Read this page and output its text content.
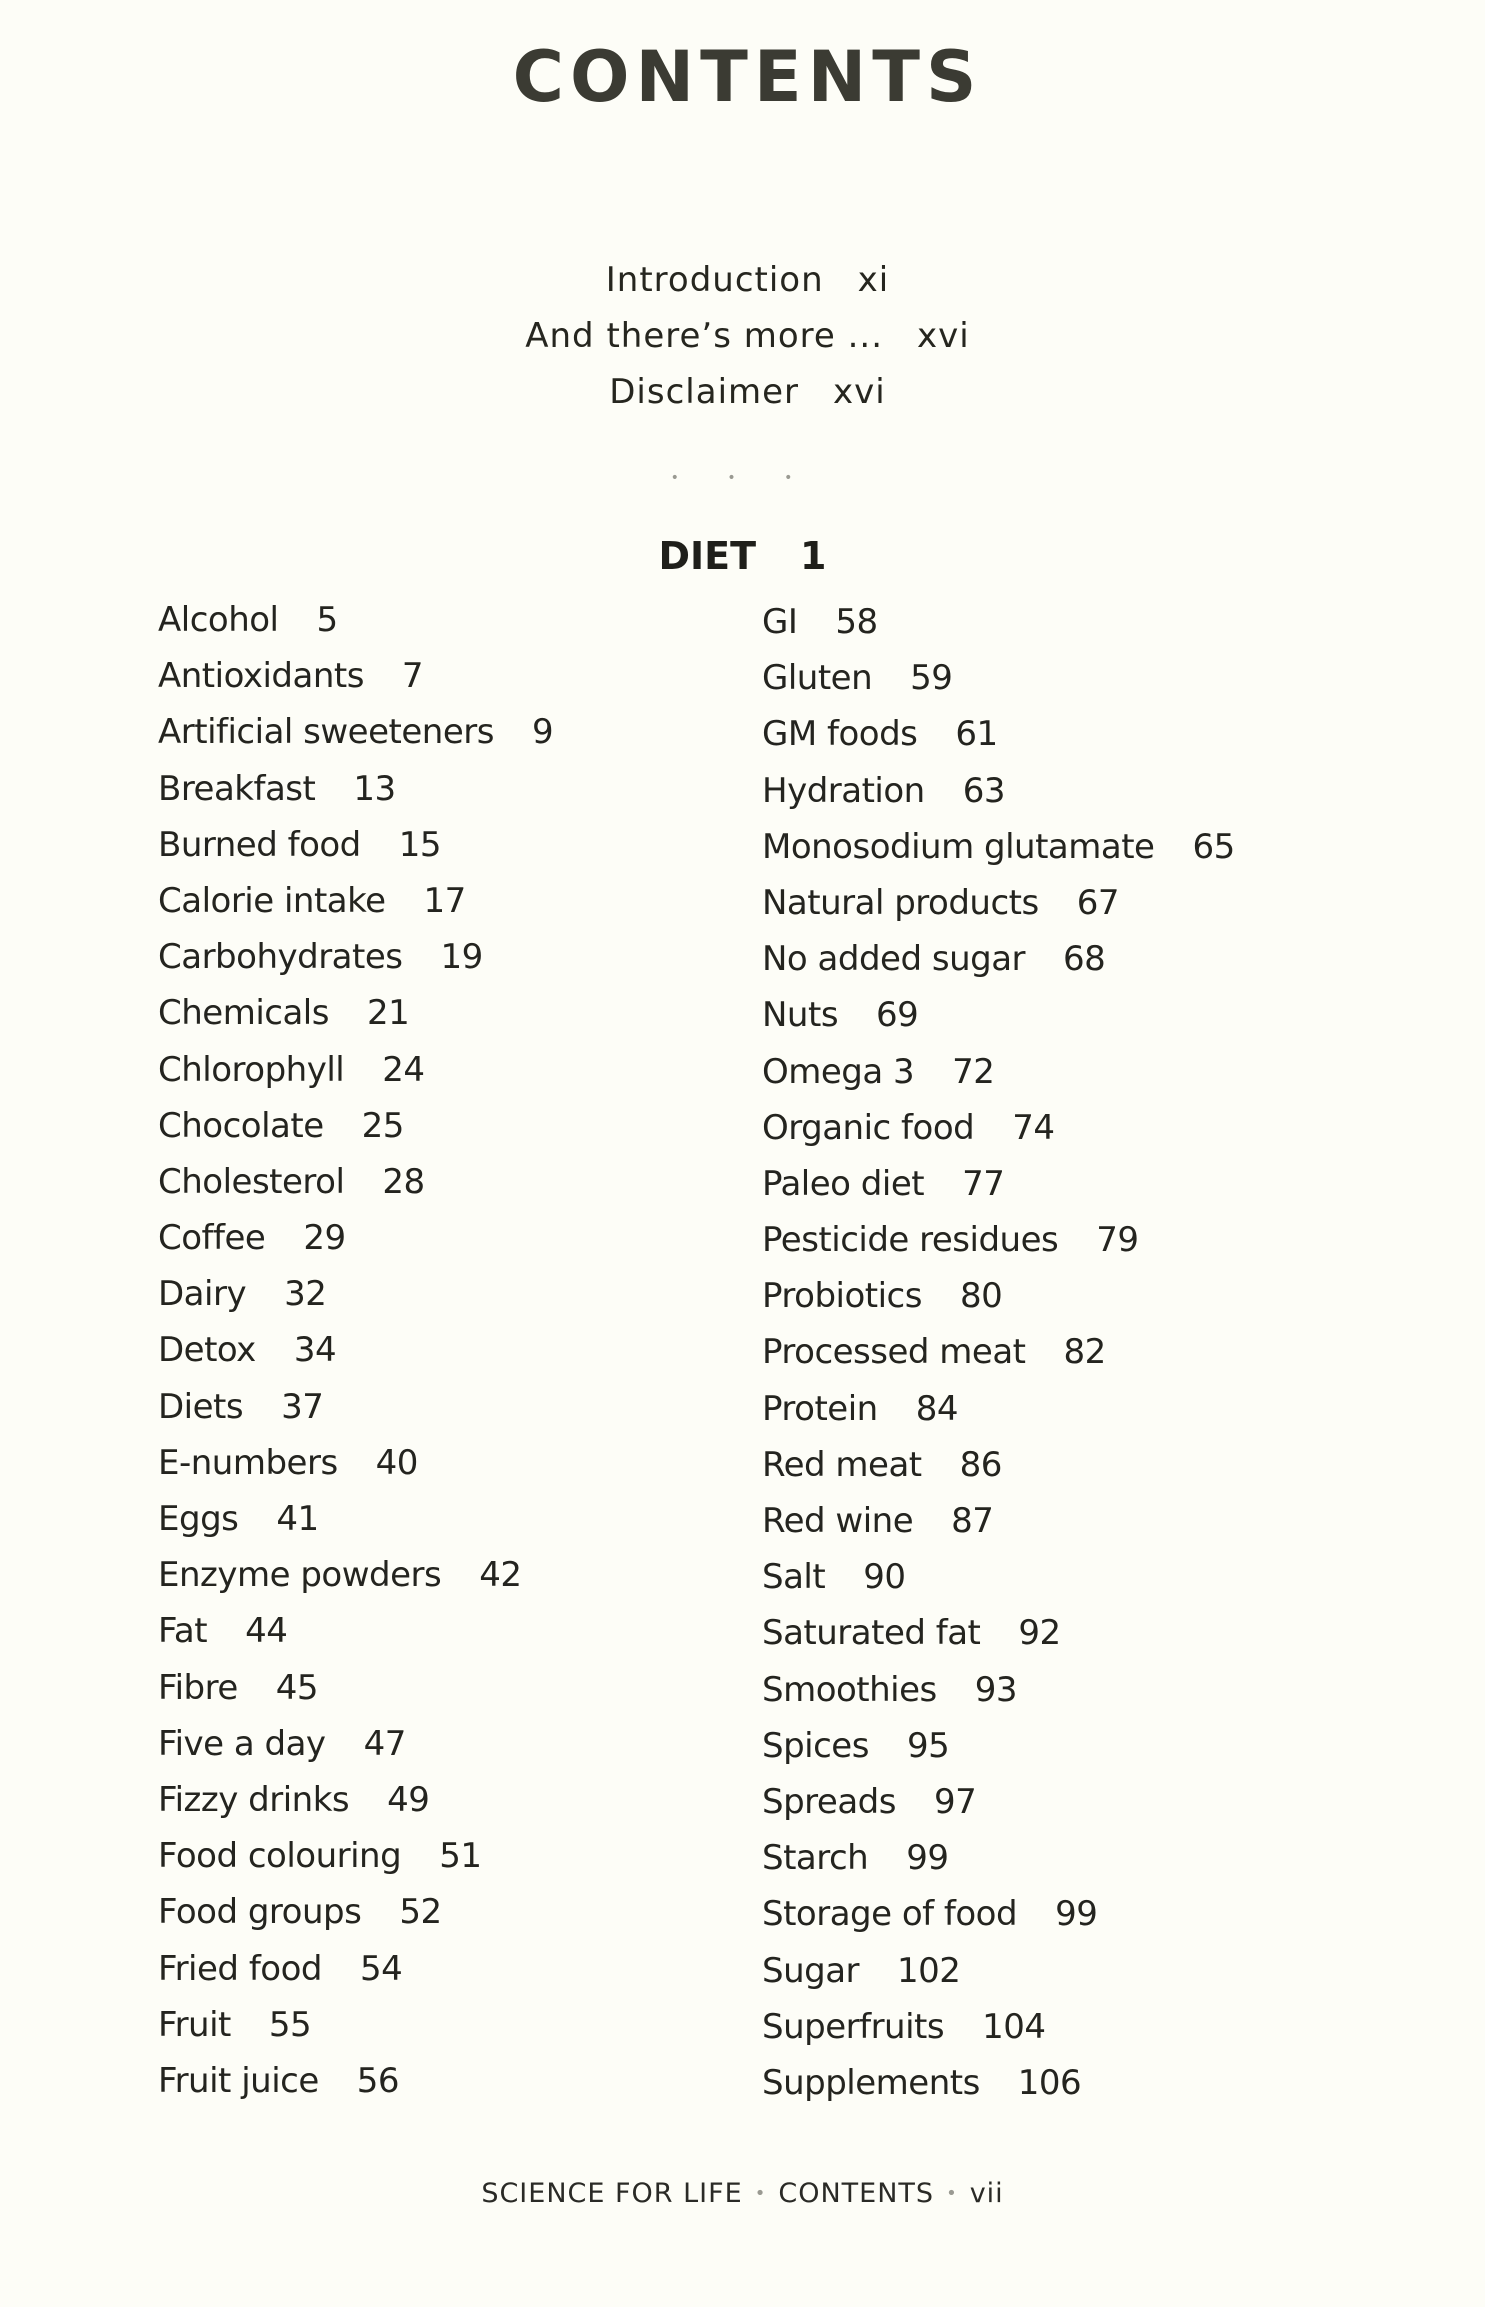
CONTENTS
Introduction xi
And there’s more ... xvi
Disclaimer xvi
• • •
DIET 1
Alcohol 5
Antioxidants 7
Artificial sweeteners 9
Breakfast 13
Burned food 15
Calorie intake 17
Carbohydrates 19
Chemicals 21
Chlorophyll 24
Chocolate 25
Cholesterol 28
Coffee 29
Dairy 32
Detox 34
Diets 37
E-numbers 40
Eggs 41
Enzyme powders 42
Fat 44
Fibre 45
Five a day 47
Fizzy drinks 49
Food colouring 51
Food groups 52
Fried food 54
Fruit 55
Fruit juice 56
GI 58
Gluten 59
GM foods 61
Hydration 63
Monosodium glutamate 65
Natural products 67
No added sugar 68
Nuts 69
Omega 3 72
Organic food 74
Paleo diet 77
Pesticide residues 79
Probiotics 80
Processed meat 82
Protein 84
Red meat 86
Red wine 87
Salt 90
Saturated fat 92
Smoothies 93
Spices 95
Spreads 97
Starch 99
Storage of food 99
Sugar 102
Superfruits 104
Supplements 106
SCIENCE FOR LIFE • CONTENTS • vii
